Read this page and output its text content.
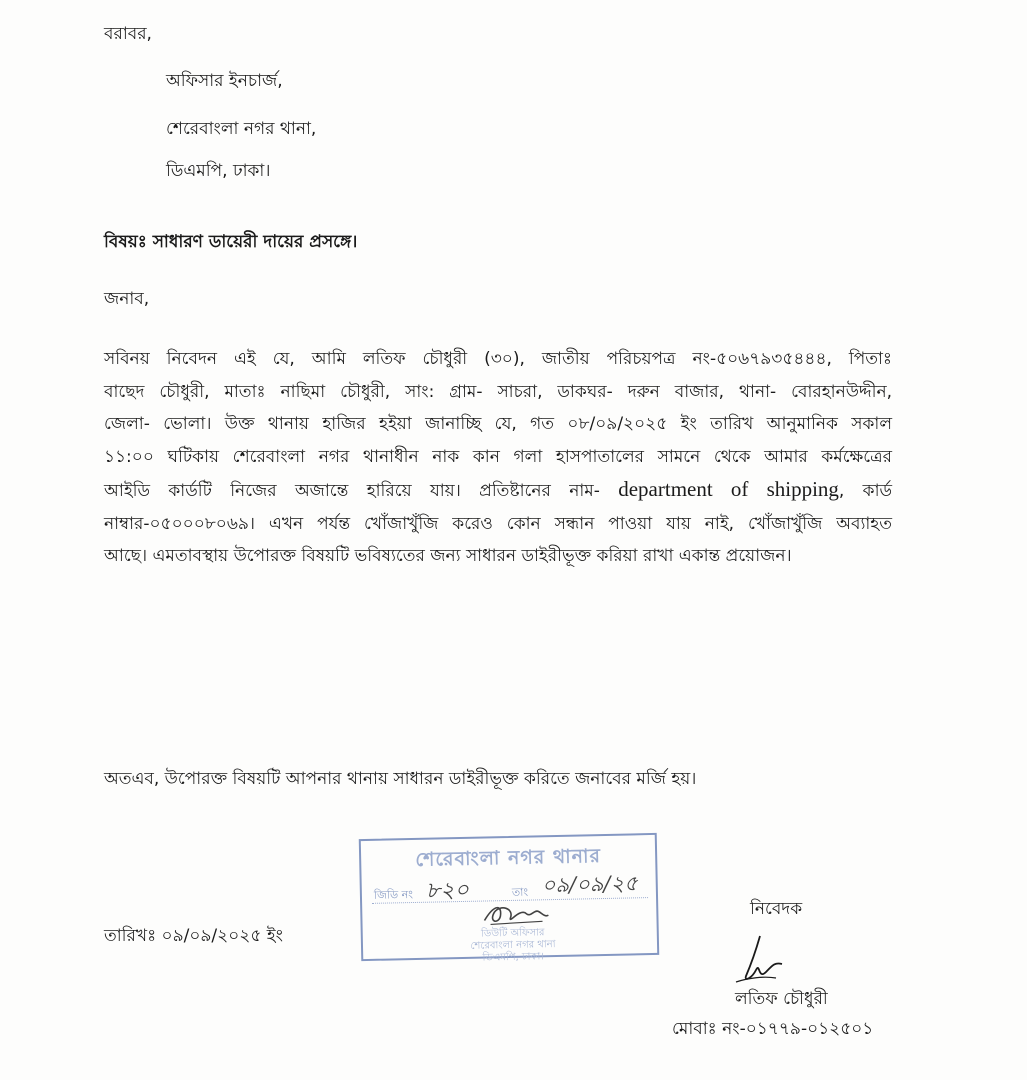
বরাবর,
অফিসার ইনচার্জ,
শেরেবাংলা নগর থানা,
ডিএমপি, ঢাকা।
বিষয়ঃ সাধারণ ডায়েরী দায়ের প্রসঙ্গে।
জনাব,
সবিনয় নিবেদন এই যে, আমি লতিফ চৌধুরী (৩০), জাতীয় পরিচয়পত্র নং-৫০৬৭৯৩৫৪৪৪, পিতাঃ
বাছেদ চৌধুরী, মাতাঃ নাছিমা চৌধুরী, সাং: গ্রাম- সাচরা, ডাকঘর- দরুন বাজার, থানা- বোরহানউদ্দীন,
জেলা- ভোলা। উক্ত থানায় হাজির হইয়া জানাচ্ছি যে, গত ০৮/০৯/২০২৫ ইং তারিখ আনুমানিক সকাল
১১:০০ ঘটিকায় শেরেবাংলা নগর থানাধীন নাক কান গলা হাসপাতালের সামনে থেকে আমার কর্মক্ষেত্রের
আইডি কার্ডটি নিজের অজান্তে হারিয়ে যায়। প্রতিষ্টানের নাম- department of shipping, কার্ড
নাম্বার-০৫০০০৮০৬৯। এখন পর্যন্ত খোঁজাখুঁজি করেও কোন সন্ধান পাওয়া যায় নাই, খোঁজাখুঁজি অব্যাহত
আছে। এমতাবস্থায় উপোরক্ত বিষয়টি ভবিষ্যতের জন্য সাধারন ডাইরীভূক্ত করিয়া রাখা একান্ত প্রয়োজন।
অতএব, উপোরক্ত বিষয়টি আপনার থানায় সাধারন ডাইরীভূক্ত করিতে জনাবের মর্জি হয়।
তারিখঃ ০৯/০৯/২০২৫ ইং
শেরেবাংলা নগর থানার
জিডি নং ৮২০	তাং ০৯/০৯/২৫
ডিউটি অফিসার
শেরেবাংলা নগর থানা
ডিএমপি, ঢাকা।
নিবেদক
লতিফ চৌধুরী
মোবাঃ নং-০১৭৭৯-০১২৫০১
